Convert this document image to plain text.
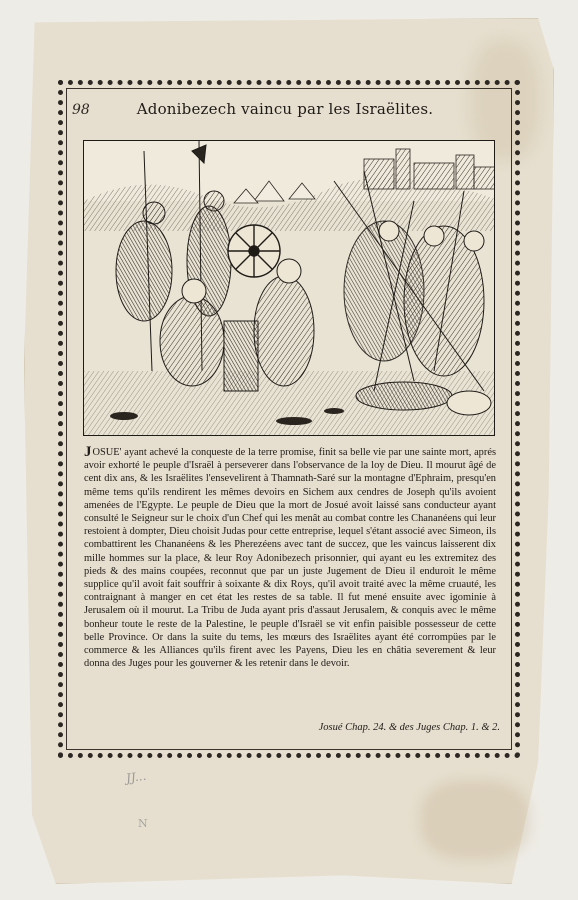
98	Adonibezech vaincu par les Israëlites.
J OSUE' ayant achevé la conqueste de la terre promise, finit sa belle vie par une sainte mort, aprés avoir exhorté le peuple d'Israël à perseverer dans l'observance de la loy de Dieu. Il mourut âgé de cent dix ans, & les Israëlites l'ensevelirent à Thamnath-Saré sur la montagne d'Ephraim, presqu'en même tems qu'ils rendirent les mêmes devoirs en Sichem aux cendres de Joseph qu'ils avoient amenées de l'Egypte. Le peuple de Dieu que la mort de Josué avoit laissé sans conducteur ayant consulté le Seigneur sur le choix d'un Chef qui les menât au combat contre les Chananéens qui leur restoient à dompter, Dieu choisit Judas pour cette entreprise, lequel s'étant associé avec Simeon, ils combattirent les Chananéens & les Pherezéens avec tant de succez, que les vaincus laisserent dix mille hommes sur la place, & leur Roy Adonibezech prisonnier, qui ayant eu les extremitez des pieds & des mains coupées, reconnut que par un juste Jugement de Dieu il enduroit le même supplice qu'il avoit fait souffrir à soixante & dix Roys, qu'il avoit traité avec la même cruauté, les contraignant à manger en cet état les restes de sa table. Il fut mené ensuite avec igominie à Jerusalem où il mourut. La Tribu de Juda ayant pris d'assaut Jerusalem, & conquis avec le même bonheur toute le reste de la Palestine, le peuple d'Israël se vit enfin paisible possesseur de cette belle Province. Or dans la suite du tems, les mœurs des Israëlites ayant été corrompües par le commerce & les Alliances qu'ils firent avec les Payens, Dieu les en châtia severement & leur donna des Juges pour les gouverner & les retenir dans le devoir.
Josué Chap. 24. & des Juges Chap. 1. & 2.
JJ...
N
